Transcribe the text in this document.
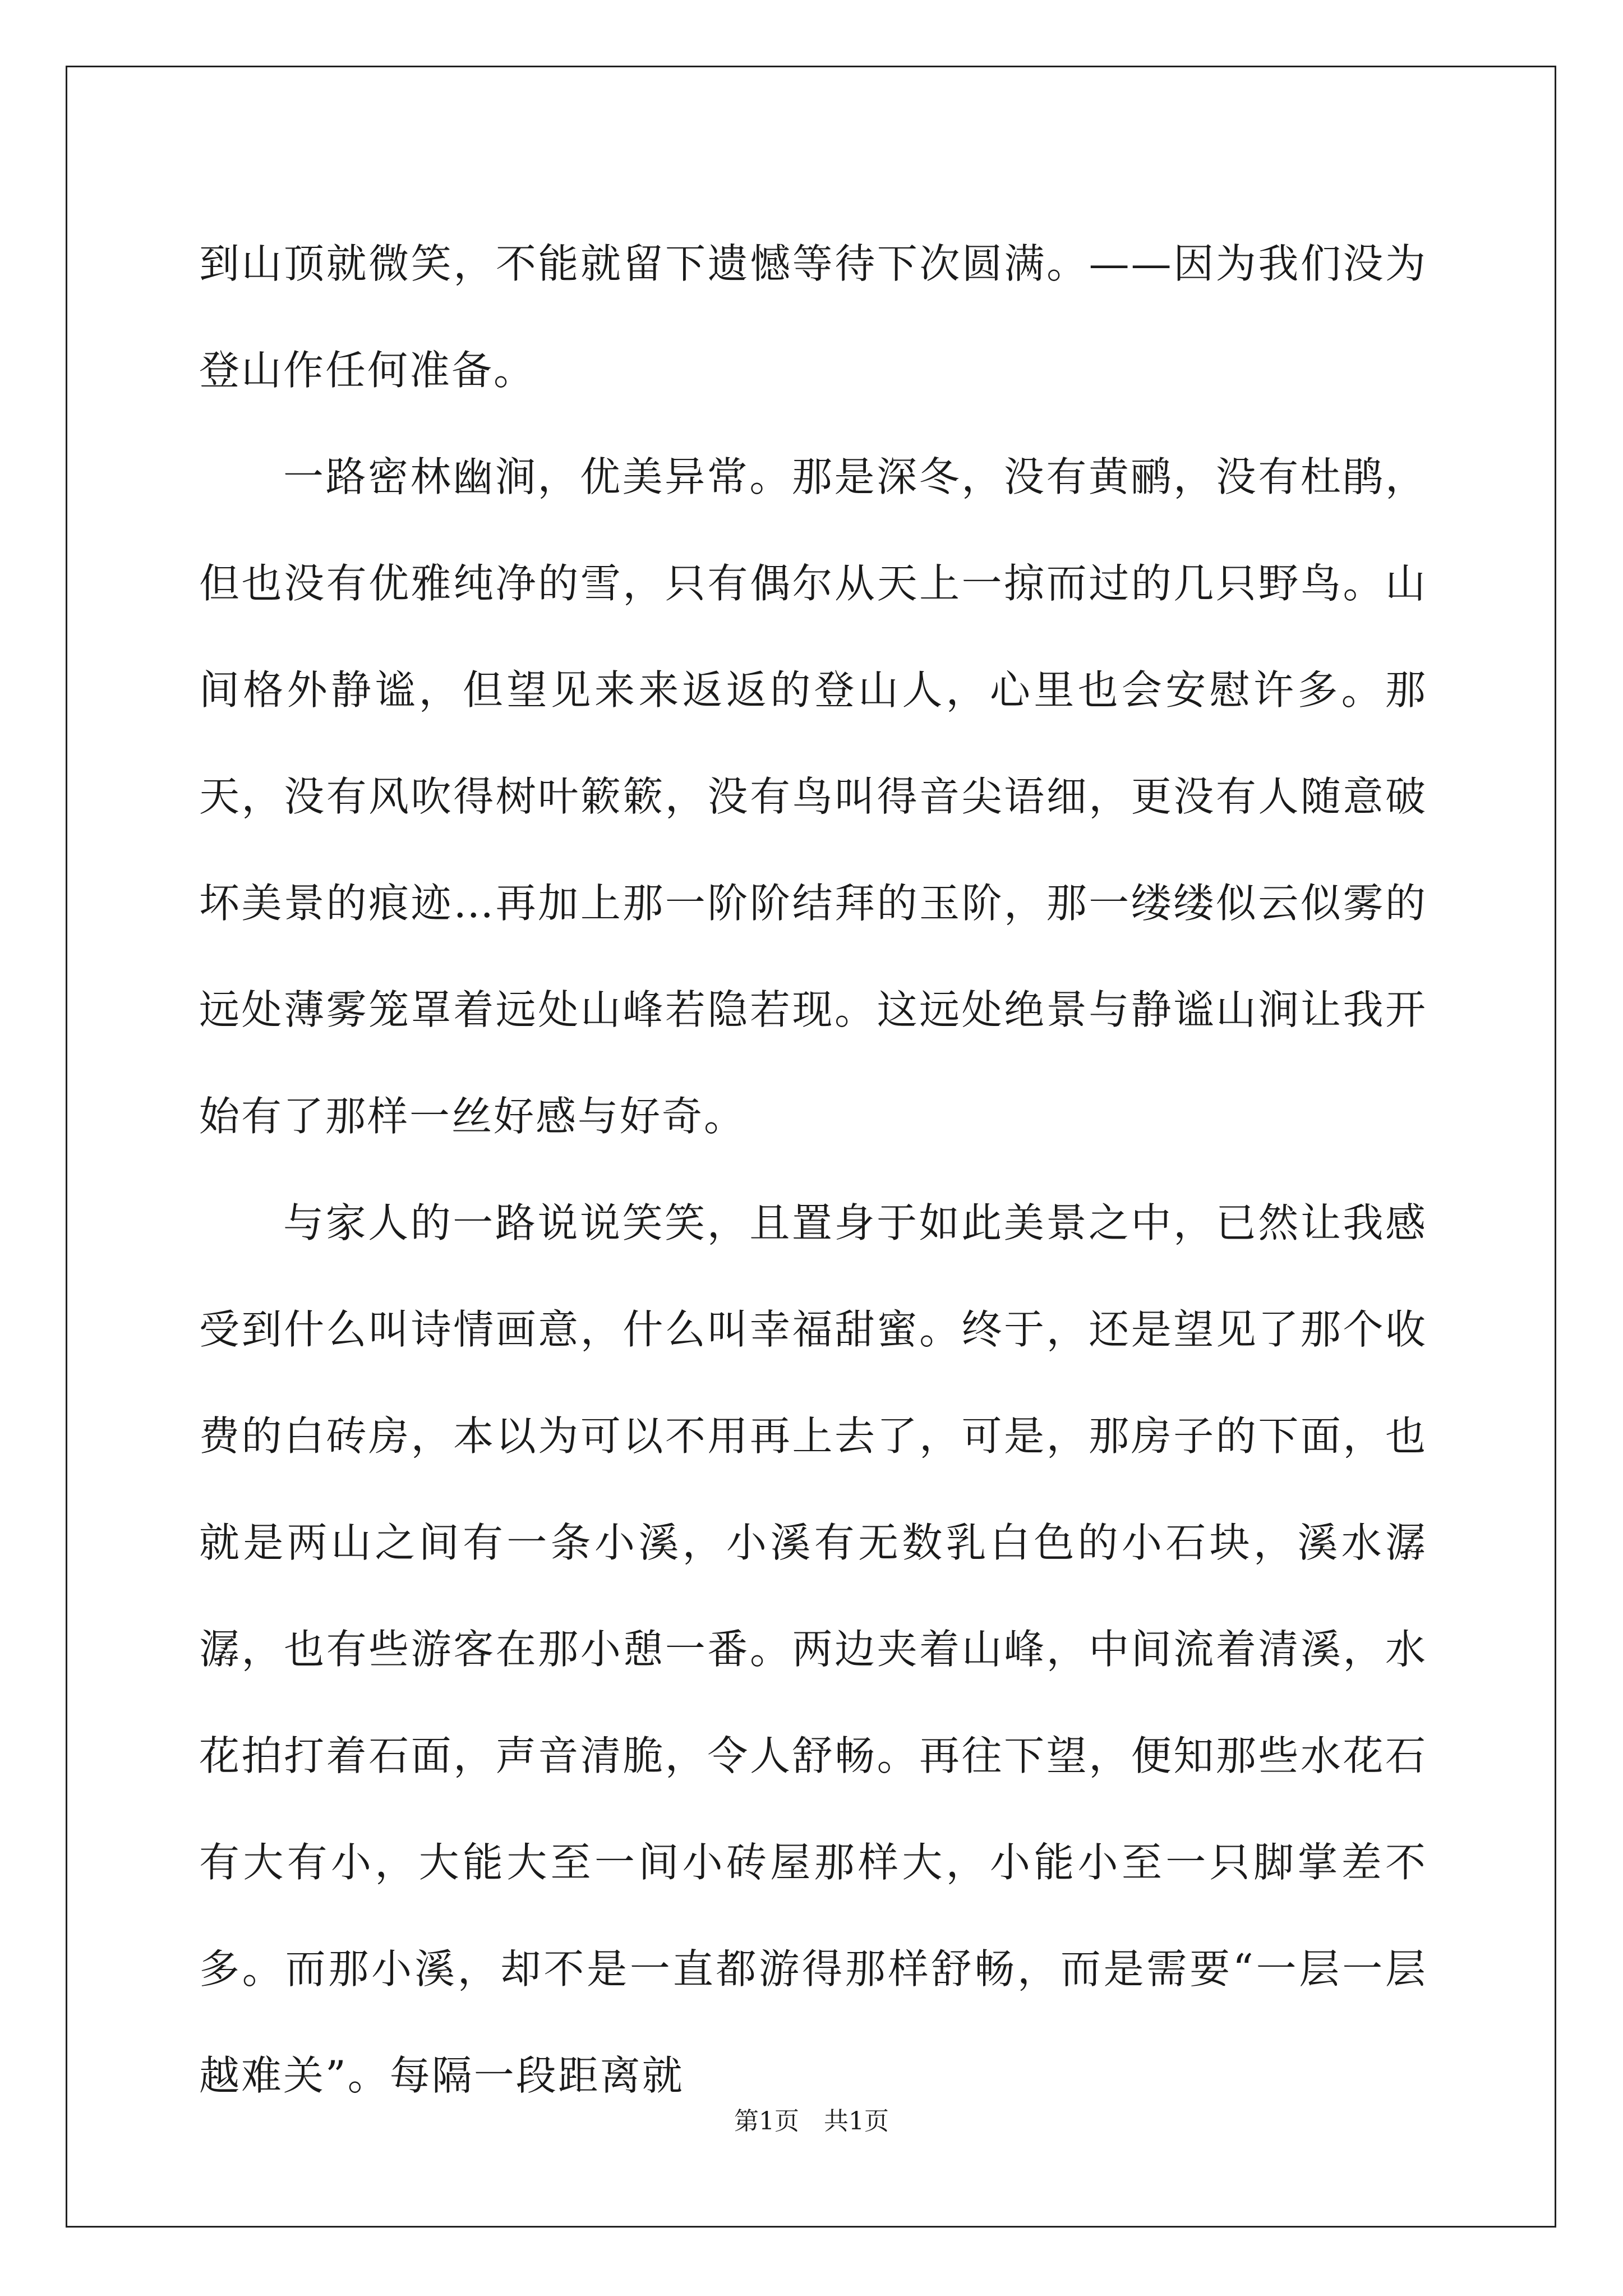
到山顶就微笑，不能就留下遗憾等待下次圆满。——因为我们没为登山作任何准备。

一路密林幽涧，优美异常。那是深冬，没有黄鹂，没有杜鹃，但也没有优雅纯净的雪，只有偶尔从天上一掠而过的几只野鸟。山间格外静谧，但望见来来返返的登山人，心里也会安慰许多。那天，没有风吹得树叶簌簌，没有鸟叫得音尖语细，更没有人随意破坏美景的痕迹…再加上那一阶阶结拜的玉阶，那一缕缕似云似雾的远处薄雾笼罩着远处山峰若隐若现。这远处绝景与静谧山涧让我开始有了那样一丝好感与好奇。

与家人的一路说说笑笑，且置身于如此美景之中，已然让我感受到什么叫诗情画意，什么叫幸福甜蜜。终于，还是望见了那个收费的白砖房，本以为可以不用再上去了，可是，那房子的下面，也就是两山之间有一条小溪，小溪有无数乳白色的小石块，溪水潺潺，也有些游客在那小憩一番。两边夹着山峰，中间流着清溪，水花拍打着石面，声音清脆，令人舒畅。再往下望，便知那些水花石有大有小，大能大至一间小砖屋那样大，小能小至一只脚掌差不多。而那小溪，却不是一直都游得那样舒畅，而是需要“一层一层越难关”。每隔一段距离就

第1页　共1页
